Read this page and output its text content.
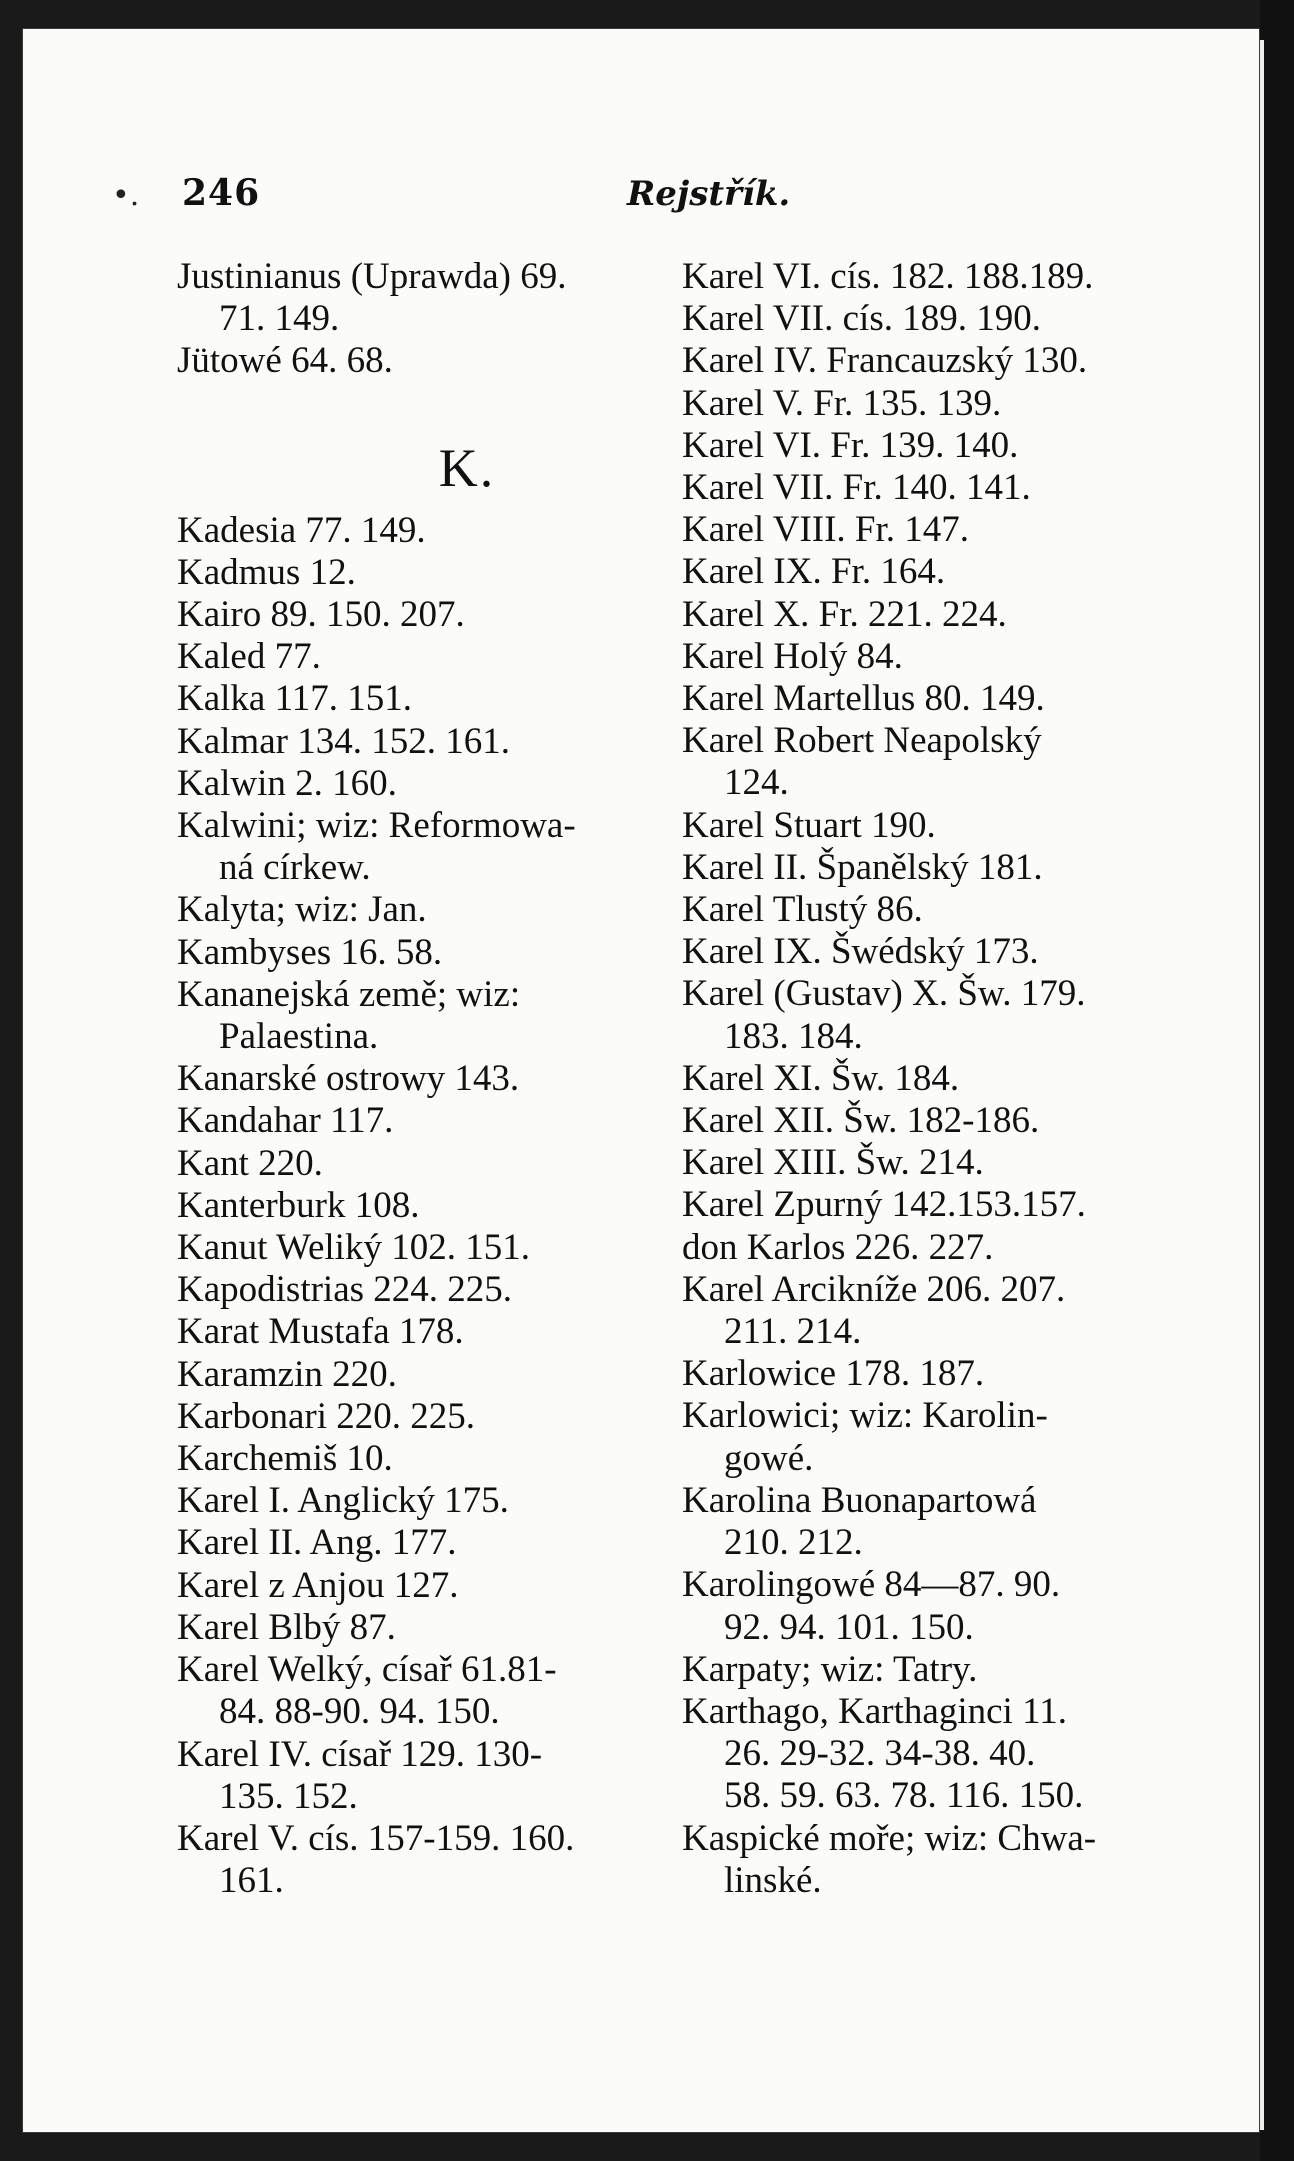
•. 246	Rejstřík.
Justinianus (Uprawda) 69.
71. 149.
Jütowé 64. 68.
K.
Kadesia 77. 149.
Kadmus 12.
Kairo 89. 150. 207.
Kaled 77.
Kalka 117. 151.
Kalmar 134. 152. 161.
Kalwin 2. 160.
Kalwini; wiz: Reformowa-
ná církew.
Kalyta; wiz: Jan.
Kambyses 16. 58.
Kananejská země; wiz:
Palaestina.
Kanarské ostrowy 143.
Kandahar 117.
Kant 220.
Kanterburk 108.
Kanut Weliký 102. 151.
Kapodistrias 224. 225.
Karat Mustafa 178.
Karamzin 220.
Karbonari 220. 225.
Karchemiš 10.
Karel I. Anglický 175.
Karel II. Ang. 177.
Karel z Anjou 127.
Karel Blbý 87.
Karel Welký, císař 61.81-
84. 88-90. 94. 150.
Karel IV. císař 129. 130-
135. 152.
Karel V. cís. 157-159. 160.
161.
Karel VI. cís. 182. 188.189.
Karel VII. cís. 189. 190.
Karel IV. Francauzský 130.
Karel V. Fr. 135. 139.
Karel VI. Fr. 139. 140.
Karel VII. Fr. 140. 141.
Karel VIII. Fr. 147.
Karel IX. Fr. 164.
Karel X. Fr. 221. 224.
Karel Holý 84.
Karel Martellus 80. 149.
Karel Robert Neapolský
124.
Karel Stuart 190.
Karel II. Španělský 181.
Karel Tlustý 86.
Karel IX. Šwédský 173.
Karel (Gustav) X. Šw. 179.
183. 184.
Karel XI. Šw. 184.
Karel XII. Šw. 182-186.
Karel XIII. Šw. 214.
Karel Zpurný 142.153.157.
don Karlos 226. 227.
Karel Arcikníže 206. 207.
211. 214.
Karlowice 178. 187.
Karlowici; wiz: Karolin-
gowé.
Karolina Buonapartowá
210. 212.
Karolingowé 84—87. 90.
92. 94. 101. 150.
Karpaty; wiz: Tatry.
Karthago, Karthaginci 11.
26. 29-32. 34-38. 40.
58. 59. 63. 78. 116. 150.
Kaspické moře; wiz: Chwa-
linské.
